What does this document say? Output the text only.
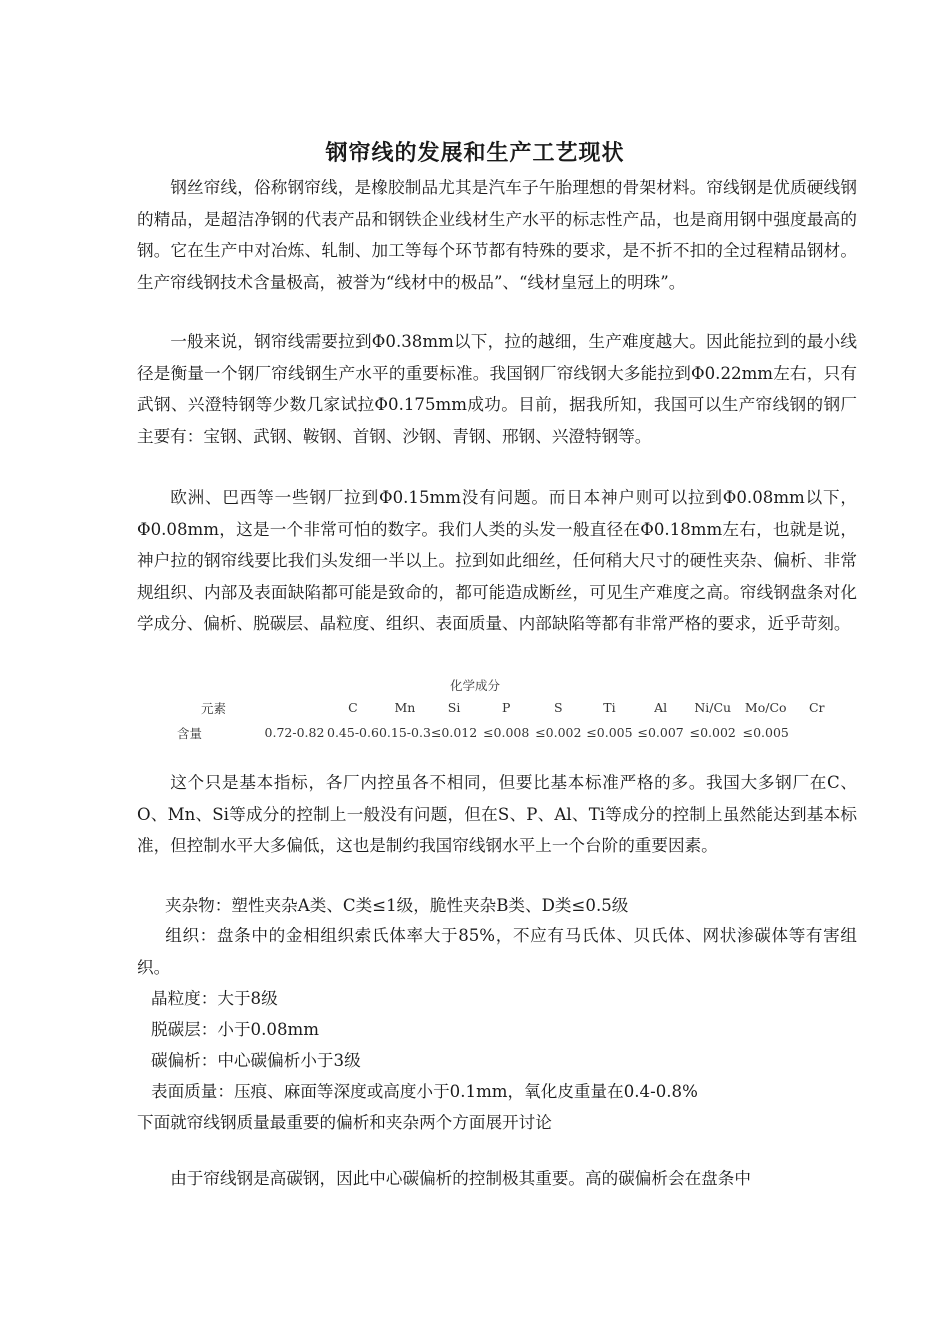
钢帘线的发展和生产工艺现状

钢丝帘线，俗称钢帘线，是橡胶制品尤其是汽车子午胎理想的骨架材料。帘线钢是优质硬线钢的精品，是超洁净钢的代表产品和钢铁企业线材生产水平的标志性产品，也是商用钢中强度最高的钢。它在生产中对冶炼、轧制、加工等每个环节都有特殊的要求，是不折不扣的全过程精品钢材。生产帘线钢技术含量极高，被誉为“线材中的极品”、“线材皇冠上的明珠”。

一般来说，钢帘线需要拉到Φ0.38mm以下，拉的越细，生产难度越大。因此能拉到的最小线径是衡量一个钢厂帘线钢生产水平的重要标准。我国钢厂帘线钢大多能拉到Φ0.22mm左右，只有武钢、兴澄特钢等少数几家试拉Φ0.175mm成功。目前，据我所知，我国可以生产帘线钢的钢厂主要有：宝钢、武钢、鞍钢、首钢、沙钢、青钢、邢钢、兴澄特钢等。

欧洲、巴西等一些钢厂拉到Φ0.15mm没有问题。而日本神户则可以拉到Φ0.08mm以下，Φ0.08mm，这是一个非常可怕的数字。我们人类的头发一般直径在Φ0.18mm左右，也就是说，神户拉的钢帘线要比我们头发细一半以上。拉到如此细丝，任何稍大尺寸的硬性夹杂、偏析、非常规组织、内部及表面缺陷都可能是致命的，都可能造成断丝，可见生产难度之高。帘线钢盘条对化学成分、偏析、脱碳层、晶粒度、组织、表面质量、内部缺陷等都有非常严格的要求，近乎苛刻。

化学成分
元素		C	Mn	Si	P	S	Ti	Al	Ni/Cu	Mo/Co	Cr
含量	0.72-0.82	0.45-0.6	0.15-0.3	≤0.012	≤0.008	≤0.002	≤0.005	≤0.007	≤0.002	≤0.005	

这个只是基本指标，各厂内控虽各不相同，但要比基本标准严格的多。我国大多钢厂在C、O、Mn、Si等成分的控制上一般没有问题，但在S、P、Al、Ti等成分的控制上虽然能达到基本标准，但控制水平大多偏低，这也是制约我国帘线钢水平上一个台阶的重要因素。

夹杂物：塑性夹杂A类、C类≤1级，脆性夹杂B类、D类≤0.5级

组织：盘条中的金相组织索氏体率大于85%，不应有马氏体、贝氏体、网状渗碳体等有害组织。

晶粒度：大于8级
脱碳层：小于0.08mm
碳偏析：中心碳偏析小于3级
表面质量：压痕、麻面等深度或高度小于0.1mm，氧化皮重量在0.4-0.8%
下面就帘线钢质量最重要的偏析和夹杂两个方面展开讨论

由于帘线钢是高碳钢，因此中心碳偏析的控制极其重要。高的碳偏析会在盘条中
